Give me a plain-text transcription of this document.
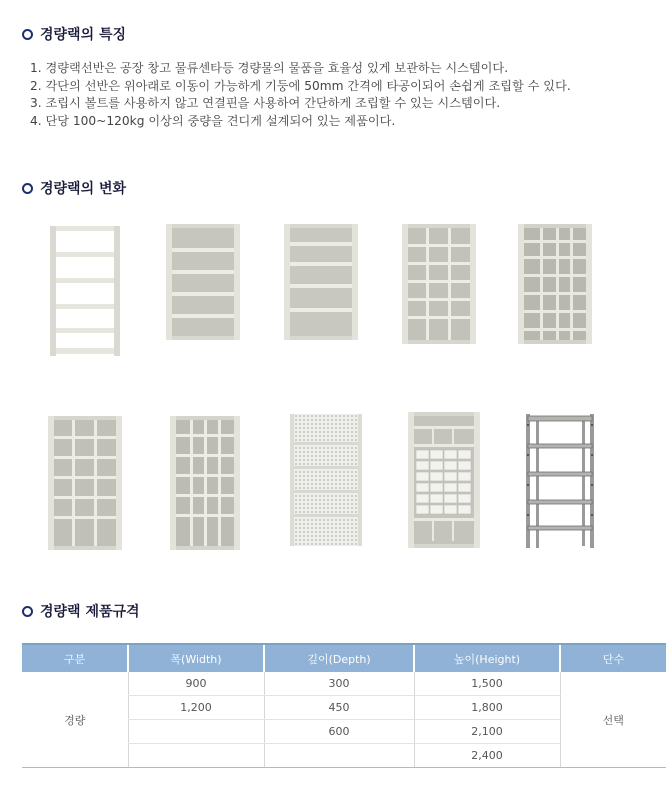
경량랙의 특징
1. 경량랙선반은 공장 창고 물류센타등 경량물의 물품을 효율성 있게 보관하는 시스템이다.
2. 각단의 선반은 위아래로 이동이 가능하게 기둥에 50mm 간격에 타공이되어 손쉽게 조립할 수 있다.
3. 조립시 볼트를 사용하지 않고 연결핀을 사용하여 간단하게 조립할 수 있는 시스템이다.
4. 단당 100~120kg 이상의 중량을 견디게 설계되어 있는 제품이다.
경량랙의 변화
경량랙 제품규격
구분	폭(Width)	깊이(Depth)	높이(Height)	단수
경량	900	300	1,500	선택
	1,200	450	1,800	
		600	2,100	
			2,400	
